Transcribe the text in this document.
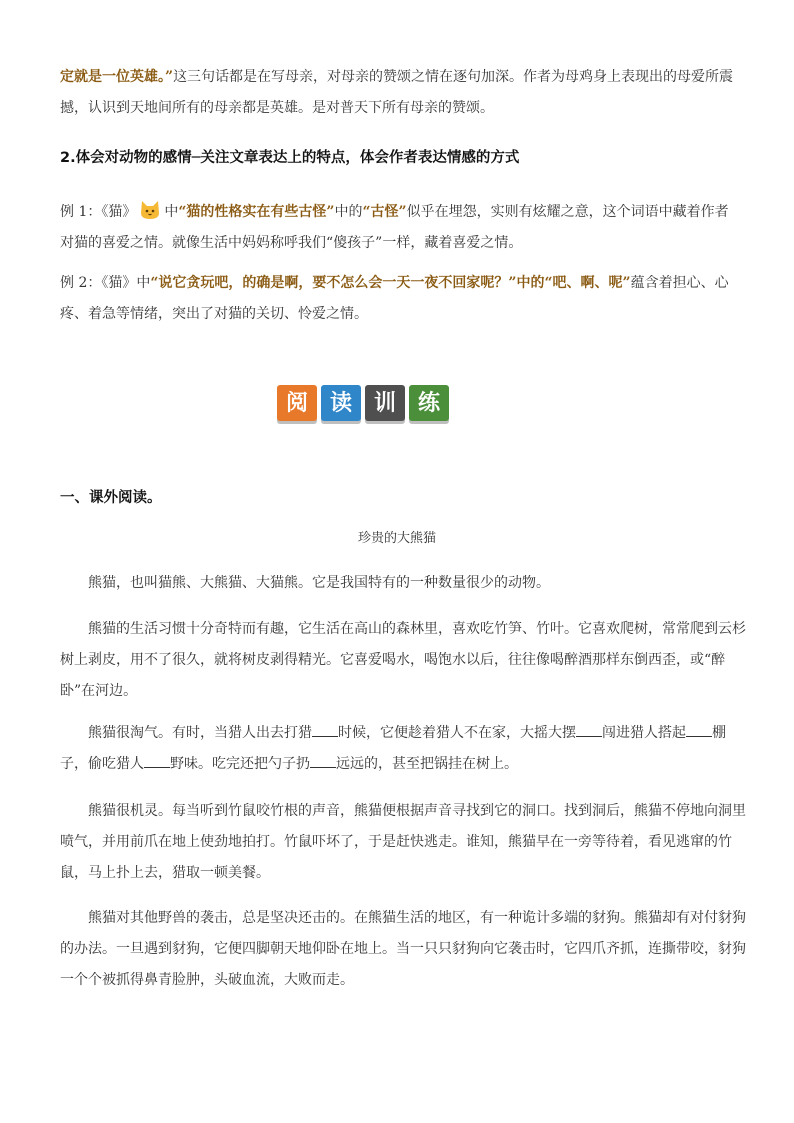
定就是一位英雄。”这三句话都是在写母亲，对母亲的赞颂之情在逐句加深。作者为母鸡身上表现出的母爱所震撼，认识到天地间所有的母亲都是英雄。是对普天下所有母亲的赞颂。

2.体会对动物的感情─关注文章表达上的特点，体会作者表达情感的方式

例 1：《猫》 中“猫的性格实在有些古怪”中的“古怪”似乎在埋怨，实则有炫耀之意，这个词语中藏着作者对猫的喜爱之情。就像生活中妈妈称呼我们“傻孩子”一样，藏着喜爱之情。

例 2：《猫》中“说它贪玩吧，的确是啊，要不怎么会一天一夜不回家呢？”中的“吧、啊、呢”蕴含着担心、心疼、着急等情绪，突出了对猫的关切、怜爱之情。

阅 读 训 练

一、课外阅读。

珍贵的大熊猫

熊猫，也叫猫熊、大熊猫、大猫熊。它是我国特有的一种数量很少的动物。

熊猫的生活习惯十分奇特而有趣，它生活在高山的森林里，喜欢吃竹笋、竹叶。它喜欢爬树，常常爬到云杉树上剥皮，用不了很久，就将树皮剥得精光。它喜爱喝水，喝饱水以后，往往像喝醉酒那样东倒西歪，或“醉卧”在河边。

熊猫很淘气。有时，当猎人出去打猎 时候，它便趁着猎人不在家，大摇大摆 闯进猎人搭起 棚子，偷吃猎人 野味。吃完还把勺子扔 远远的，甚至把锅挂在树上。

熊猫很机灵。每当听到竹鼠咬竹根的声音，熊猫便根据声音寻找到它的洞口。找到洞后，熊猫不停地向洞里喷气，并用前爪在地上使劲地拍打。竹鼠吓坏了，于是赶快逃走。谁知，熊猫早在一旁等待着，看见逃窜的竹鼠，马上扑上去，猎取一顿美餐。

熊猫对其他野兽的袭击，总是坚决还击的。在熊猫生活的地区，有一种诡计多端的豺狗。熊猫却有对付豺狗的办法。一旦遇到豺狗，它便四脚朝天地仰卧在地上。当一只只豺狗向它袭击时，它四爪齐抓，连撕带咬，豺狗一个个被抓得鼻青脸肿，头破血流，大败而走。
